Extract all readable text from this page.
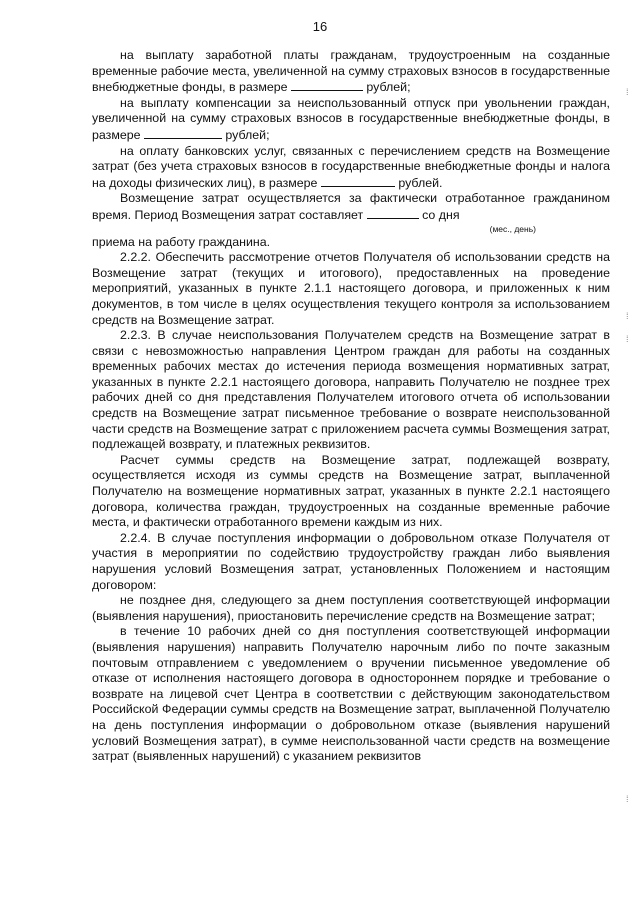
16

на выплату заработной платы гражданам, трудоустроенным на созданные временные рабочие места, увеличенной на сумму страховых взносов в государственные внебюджетные фонды, в размере	рублей;

на выплату компенсации за неиспользованный отпуск при увольнении граждан, увеличенной на сумму страховых взносов в государственные внебюджетные фонды, в размере	рублей;

на оплату банковских услуг, связанных с перечислением средств на Возмещение затрат (без учета страховых взносов в государственные внебюджетные фонды и налога на доходы физических лиц), в размере	рублей.

Возмещение затрат осуществляется за фактически отработанное гражданином время. Период Возмещения затрат составляет	со дня

(мес., день)

приема на работу гражданина.

2.2.2. Обеспечить рассмотрение отчетов Получателя об использовании средств на Возмещение затрат (текущих и итогового), предоставленных на проведение мероприятий, указанных в пункте 2.1.1 настоящего договора, и приложенных к ним документов, в том числе в целях осуществления текущего контроля за использованием средств на Возмещение затрат.

2.2.3. В случае неиспользования Получателем средств на Возмещение затрат в связи с невозможностью направления Центром граждан для работы на созданных временных рабочих местах до истечения периода возмещения нормативных затрат, указанных в пункте 2.2.1 настоящего договора, направить Получателю не позднее трех рабочих дней со дня представления Получателем итогового отчета об использовании средств на Возмещение затрат письменное требование о возврате неиспользованной части средств на Возмещение затрат с приложением расчета суммы Возмещения затрат, подлежащей возврату, и платежных реквизитов.

Расчет суммы средств на Возмещение затрат, подлежащей возврату, осуществляется исходя из суммы средств на Возмещение затрат, выплаченной Получателю на возмещение нормативных затрат, указанных в пункте 2.2.1 настоящего договора, количества граждан, трудоустроенных на созданные временные рабочие места, и фактически отработанного времени каждым из них.

2.2.4. В случае поступления информации о добровольном отказе Получателя от участия в мероприятии по содействию трудоустройству граждан либо выявления нарушения условий Возмещения затрат, установленных Положением и настоящим договором:

не позднее дня, следующего за днем поступления соответствующей информации (выявления нарушения), приостановить перечисление средств на Возмещение затрат;

в течение 10 рабочих дней со дня поступления соответствующей информации (выявления нарушения) направить Получателю нарочным либо по почте заказным почтовым отправлением с уведомлением о вручении письменное уведомление об отказе от исполнения настоящего договора в одностороннем порядке и требование о возврате на лицевой счет Центра в соответствии с действующим законодательством Российской Федерации суммы средств на Возмещение затрат, выплаченной Получателю на день поступления информации о добровольном отказе (выявления нарушений условий Возмещения затрат), в сумме неиспользованной части средств на возмещение затрат (выявленных нарушений) с указанием реквизитов

⁞
⁞
⁞
⁞
